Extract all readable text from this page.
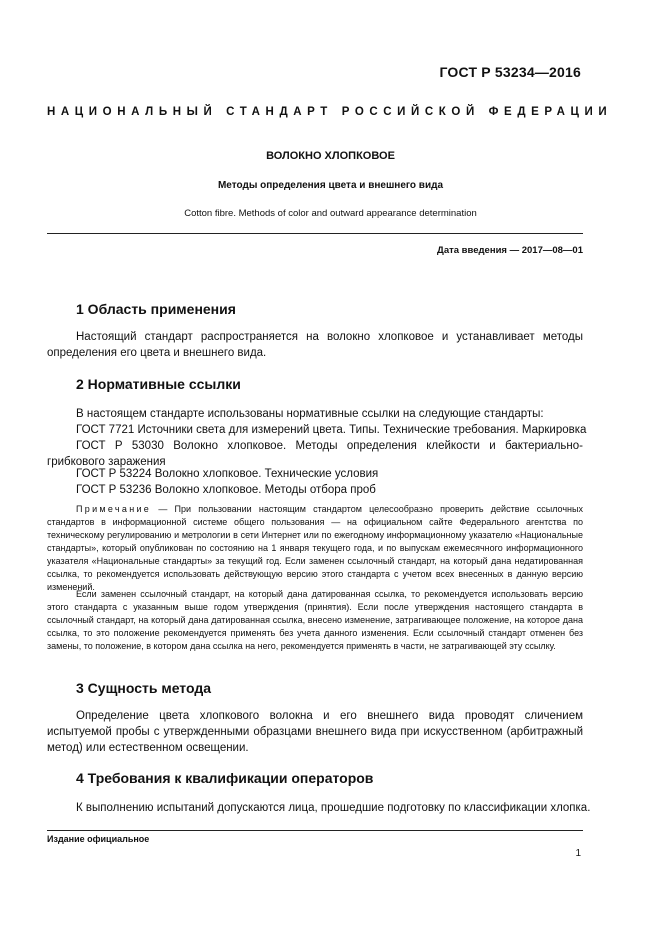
ГОСТ Р 53234—2016
НАЦИОНАЛЬНЫЙ СТАНДАРТ РОССИЙСКОЙ ФЕДЕРАЦИИ
ВОЛОКНО ХЛОПКОВОЕ
Методы определения цвета и внешнего вида
Cotton fibre. Methods of color and outward appearance determination
Дата введения — 2017—08—01
1 Область применения

Настоящий стандарт распространяется на волокно хлопковое и устанавливает методы определения его цвета и внешнего вида.

2 Нормативные ссылки
В настоящем стандарте использованы нормативные ссылки на следующие стандарты:
ГОСТ 7721 Источники света для измерений цвета. Типы. Технические требования. Маркировка

ГОСТ Р 53030 Волокно хлопковое. Методы определения клейкости и бактериально-грибкового заражения

ГОСТ Р 53224 Волокно хлопковое. Технические условия
ГОСТ Р 53236 Волокно хлопковое. Методы отбора проб

Примечание — При пользовании настоящим стандартом целесообразно проверить действие ссылочных стандартов в информационной системе общего пользования — на официальном сайте Федерального агентства по техническому регулированию и метрологии в сети Интернет или по ежегодному информационному указателю «Национальные стандарты», который опубликован по состоянию на 1 января текущего года, и по выпускам ежемесячного информационного указателя «Национальные стандарты» за текущий год. Если заменен ссылочный стандарт, на который дана недатированная ссылка, то рекомендуется использовать действующую версию этого стандарта с учетом всех внесенных в данную версию изменений.

Если заменен ссылочный стандарт, на который дана датированная ссылка, то рекомендуется использовать версию этого стандарта с указанным выше годом утверждения (принятия). Если после утверждения настоящего стандарта в ссылочный стандарт, на который дана датированная ссылка, внесено изменение, затрагивающее положение, на которое дана ссылка, то это положение рекомендуется применять без учета данного изменения. Если ссылочный стандарт отменен без замены, то положение, в котором дана ссылка на него, рекомендуется применять в части, не затрагивающей эту ссылку.

3 Сущность метода

Определение цвета хлопкового волокна и его внешнего вида проводят сличением испытуемой пробы с утвержденными образцами внешнего вида при искусственном (арбитражный метод) или естественном освещении.

4 Требования к квалификации операторов
К выполнению испытаний допускаются лица, прошедшие подготовку по классификации хлопка.
Издание официальное
1
